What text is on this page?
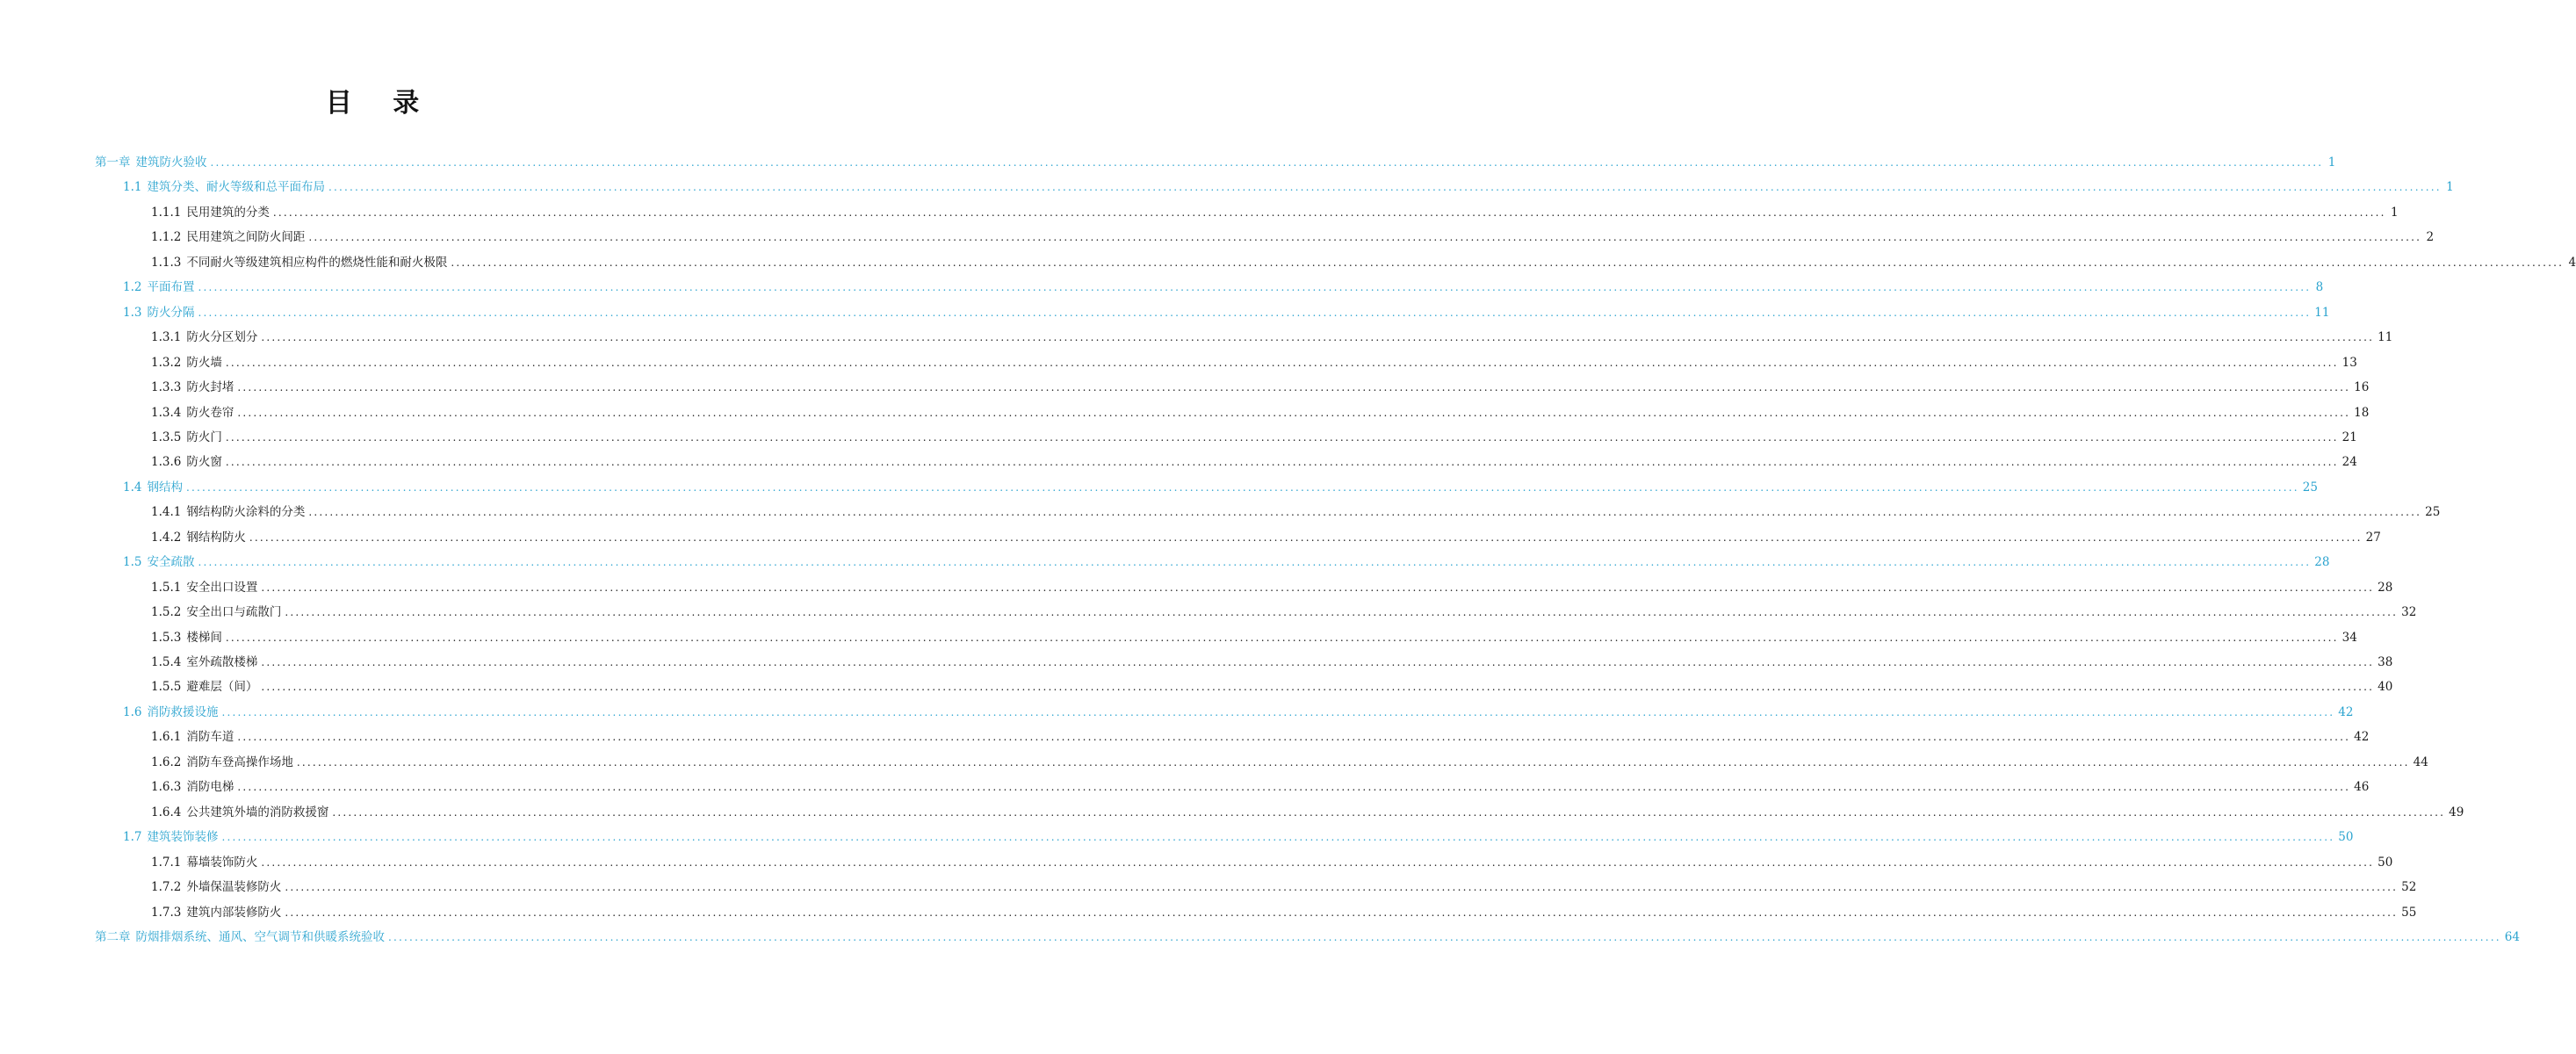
目 录
第一章 建筑防火验收 ................................................................................................................................................................................................................................................................................................................................................................................................................ 1
1.1 建筑分类、耐火等级和总平面布局 ................................................................................................................................................................................................................................................................................................................................................................................................................ 1
1.1.1 民用建筑的分类 ................................................................................................................................................................................................................................................................................................................................................................................................................ 1
1.1.2 民用建筑之间防火间距 ................................................................................................................................................................................................................................................................................................................................................................................................................ 2
1.1.3 不同耐火等级建筑相应构件的燃烧性能和耐火极限 ................................................................................................................................................................................................................................................................................................................................................................................................................ 4
1.2 平面布置 ................................................................................................................................................................................................................................................................................................................................................................................................................ 8
1.3 防火分隔 ................................................................................................................................................................................................................................................................................................................................................................................................................ 11
1.3.1 防火分区划分 ................................................................................................................................................................................................................................................................................................................................................................................................................ 11
1.3.2 防火墙 ................................................................................................................................................................................................................................................................................................................................................................................................................ 13
1.3.3 防火封堵 ................................................................................................................................................................................................................................................................................................................................................................................................................ 16
1.3.4 防火卷帘 ................................................................................................................................................................................................................................................................................................................................................................................................................ 18
1.3.5 防火门 ................................................................................................................................................................................................................................................................................................................................................................................................................ 21
1.3.6 防火窗 ................................................................................................................................................................................................................................................................................................................................................................................................................ 24
1.4 钢结构 ................................................................................................................................................................................................................................................................................................................................................................................................................ 25
1.4.1 钢结构防火涂料的分类 ................................................................................................................................................................................................................................................................................................................................................................................................................ 25
1.4.2 钢结构防火 ................................................................................................................................................................................................................................................................................................................................................................................................................ 27
1.5 安全疏散 ................................................................................................................................................................................................................................................................................................................................................................................................................ 28
1.5.1 安全出口设置 ................................................................................................................................................................................................................................................................................................................................................................................................................ 28
1.5.2 安全出口与疏散门 ................................................................................................................................................................................................................................................................................................................................................................................................................ 32
1.5.3 楼梯间 ................................................................................................................................................................................................................................................................................................................................................................................................................ 34
1.5.4 室外疏散楼梯 ................................................................................................................................................................................................................................................................................................................................................................................................................ 38
1.5.5 避难层（间） ................................................................................................................................................................................................................................................................................................................................................................................................................ 40
1.6 消防救援设施 ................................................................................................................................................................................................................................................................................................................................................................................................................ 42
1.6.1 消防车道 ................................................................................................................................................................................................................................................................................................................................................................................................................ 42
1.6.2 消防车登高操作场地 ................................................................................................................................................................................................................................................................................................................................................................................................................ 44
1.6.3 消防电梯 ................................................................................................................................................................................................................................................................................................................................................................................................................ 46
1.6.4 公共建筑外墙的消防救援窗 ................................................................................................................................................................................................................................................................................................................................................................................................................ 49
1.7 建筑装饰装修 ................................................................................................................................................................................................................................................................................................................................................................................................................ 50
1.7.1 幕墙装饰防火 ................................................................................................................................................................................................................................................................................................................................................................................................................ 50
1.7.2 外墙保温装修防火 ................................................................................................................................................................................................................................................................................................................................................................................................................ 52
1.7.3 建筑内部装修防火 ................................................................................................................................................................................................................................................................................................................................................................................................................ 55
第二章 防烟排烟系统、通风、空气调节和供暖系统验收 ................................................................................................................................................................................................................................................................................................................................................................................................................ 64
